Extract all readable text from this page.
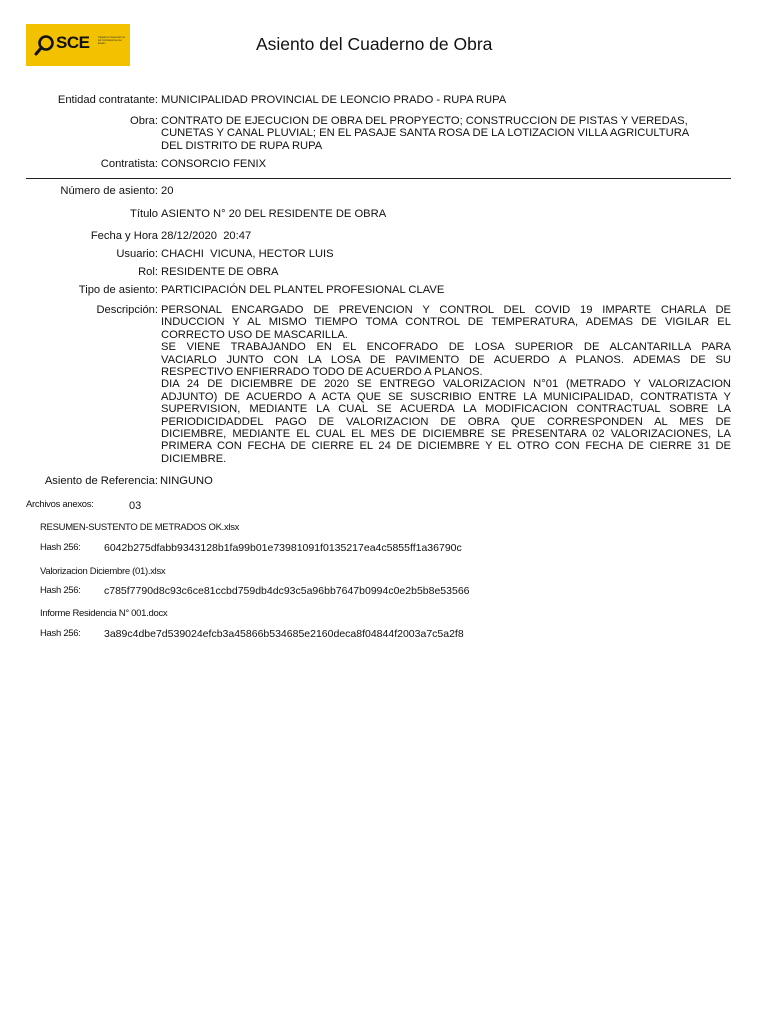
SCE	Organismo Supervisor de las Contrataciones del Estado	Asiento del Cuaderno de Obra
Entidad contratante: MUNICIPALIDAD PROVINCIAL DE LEONCIO PRADO - RUPA RUPA
Obra: CONTRATO DE EJECUCION DE OBRA DEL PROPYECTO; CONSTRUCCION DE PISTAS Y VEREDAS,
CUNETAS Y CANAL PLUVIAL; EN EL PASAJE SANTA ROSA DE LA LOTIZACION VILLA AGRICULTURA
DEL DISTRITO DE RUPA RUPA
Contratista: CONSORCIO FENIX
Número de asiento: 20
Título ASIENTO N° 20 DEL RESIDENTE DE OBRA
Fecha y Hora 28/12/2020  20:47
Usuario: CHACHI  VICUNA, HECTOR LUIS
Rol: RESIDENTE DE OBRA
Tipo de asiento: PARTICIPACIÓN DEL PLANTEL PROFESIONAL CLAVE
Descripción: PERSONAL ENCARGADO DE PREVENCION Y CONTROL DEL COVID 19 IMPARTE CHARLA DE
INDUCCION Y AL MISMO TIEMPO TOMA CONTROL DE TEMPERATURA, ADEMAS DE VIGILAR EL
CORRECTO USO DE MASCARILLA.
SE VIENE TRABAJANDO EN EL ENCOFRADO DE LOSA SUPERIOR DE ALCANTARILLA PARA
VACIARLO JUNTO CON LA LOSA DE PAVIMENTO DE ACUERDO A PLANOS. ADEMAS DE SU
RESPECTIVO ENFIERRADO TODO DE ACUERDO A PLANOS.
DIA 24 DE DICIEMBRE DE 2020 SE ENTREGO VALORIZACION N°01 (METRADO Y VALORIZACION
ADJUNTO) DE ACUERDO A ACTA QUE SE SUSCRIBIO ENTRE LA MUNICIPALIDAD, CONTRATISTA Y
SUPERVISION, MEDIANTE LA CUAL SE ACUERDA LA MODIFICACION CONTRACTUAL SOBRE LA
PERIODICIDADDEL PAGO DE VALORIZACION DE OBRA QUE CORRESPONDEN AL MES DE
DICIEMBRE, MEDIANTE EL CUAL EL MES DE DICIEMBRE SE PRESENTARA 02 VALORIZACIONES, LA
PRIMERA CON FECHA DE CIERRE EL 24 DE DICIEMBRE Y EL OTRO CON FECHA DE CIERRE 31 DE
DICIEMBRE.
Asiento de Referencia: NINGUNO
Archivos anexos:	03
RESUMEN-SUSTENTO DE METRADOS OK.xlsx
Hash 256: 6042b275dfabb9343128b1fa99b01e73981091f0135217ea4c5855ff1a36790c
Valorizacion Diciembre (01).xlsx
Hash 256: c785f7790d8c93c6ce81ccbd759db4dc93c5a96bb7647b0994c0e2b5b8e53566
Informe Residencia N° 001.docx
Hash 256: 3a89c4dbe7d539024efcb3a45866b534685e2160deca8f04844f2003a7c5a2f8
